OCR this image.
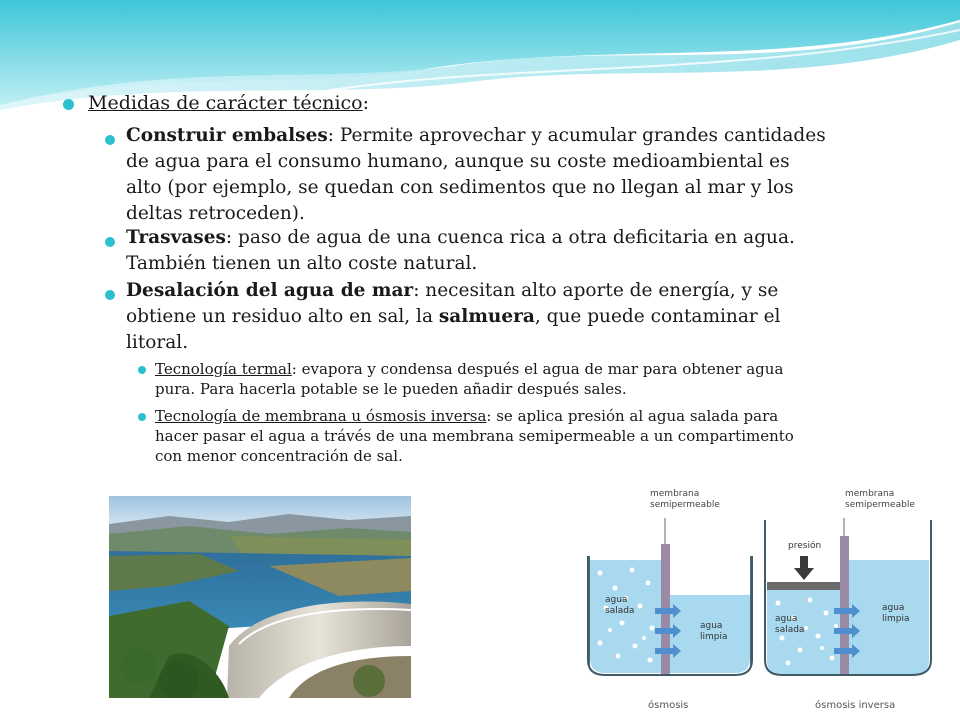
Medidas de carácter técnico:
Construir embalses: Permite aprovechar y acumular grandes cantidades
de agua para el consumo humano, aunque su coste medioambiental es
alto (por ejemplo, se quedan con sedimentos que no llegan al mar y los
deltas retroceden).
Trasvases: paso de agua de una cuenca rica a otra deficitaria en agua.
También tienen un alto coste natural.
Desalación del agua de mar: necesitan alto aporte de energía, y se
obtiene un residuo alto en sal, la salmuera, que puede contaminar el
litoral.
Tecnología termal: evapora y condensa después el agua de mar para obtener agua
pura. Para hacerla potable se le pueden añadir después sales.
Tecnología de membrana u ósmosis inversa: se aplica presión al agua salada para
hacer pasar el agua a trávés de una membrana semipermeable a un compartimento
con menor concentración de sal.
membrana
semipermeable
agua
salada
agua
limpia
ósmosis
membrana
semipermeable
presión
agua
salada
agua
limpia
ósmosis inversa
